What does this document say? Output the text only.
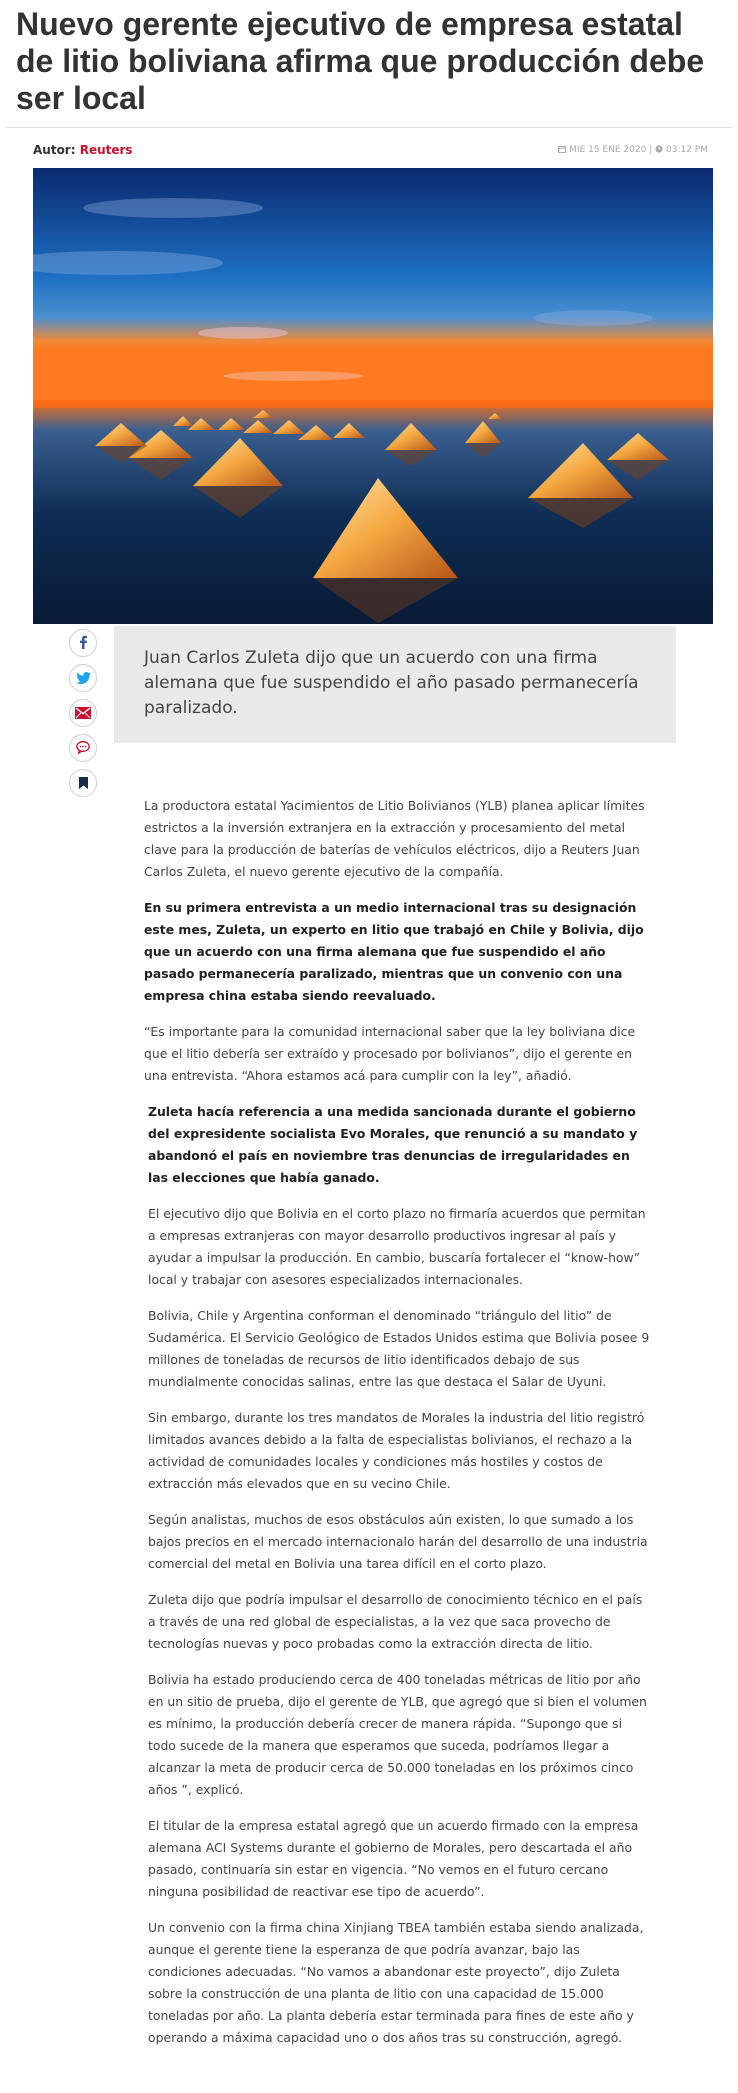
Nuevo gerente ejecutivo de empresa estatal de litio boliviana afirma que producción debe ser local
Autor: Reuters	MIE 15 ENE 2020 | 03:12 PM

Juan Carlos Zuleta dijo que un acuerdo con una firma alemana que fue suspendido el año pasado permanecería paralizado.

La productora estatal Yacimientos de Litio Bolivianos (YLB) planea aplicar límites estrictos a la inversión extranjera en la extracción y procesamiento del metal clave para la producción de baterías de vehículos eléctricos, dijo a Reuters Juan Carlos Zuleta, el nuevo gerente ejecutivo de la compañía.

En su primera entrevista a un medio internacional tras su designación este mes, Zuleta, un experto en litio que trabajó en Chile y Bolivia, dijo que un acuerdo con una firma alemana que fue suspendido el año pasado permanecería paralizado, mientras que un convenio con una empresa china estaba siendo reevaluado.

“Es importante para la comunidad internacional saber que la ley boliviana dice que el litio debería ser extraído y procesado por bolivianos”, dijo el gerente en una entrevista. “Ahora estamos acá para cumplir con la ley”, añadió.

Zuleta hacía referencia a una medida sancionada durante el gobierno del expresidente socialista Evo Morales, que renunció a su mandato y abandonó el país en noviembre tras denuncias de irregularidades en las elecciones que había ganado.

El ejecutivo dijo que Bolivia en el corto plazo no firmaría acuerdos que permitan a empresas extranjeras con mayor desarrollo productivos ingresar al país y ayudar a impulsar la producción. En cambio, buscaría fortalecer el “know-how” local y trabajar con asesores especializados internacionales.

Bolivia, Chile y Argentina conforman el denominado “triángulo del litio” de Sudamérica. El Servicio Geológico de Estados Unidos estima que Bolivia posee 9 millones de toneladas de recursos de litio identificados debajo de sus mundialmente conocidas salinas, entre las que destaca el Salar de Uyuni.

Sin embargo, durante los tres mandatos de Morales la industria del litio registró limitados avances debido a la falta de especialistas bolivianos, el rechazo a la actividad de comunidades locales y condiciones más hostiles y costos de extracción más elevados que en su vecino Chile.

Según analistas, muchos de esos obstáculos aún existen, lo que sumado a los bajos precios en el mercado internacionalo harán del desarrollo de una industria comercial del metal en Bolivia una tarea difícil en el corto plazo.

Zuleta dijo que podría impulsar el desarrollo de conocimiento técnico en el país a través de una red global de especialistas, a la vez que saca provecho de tecnologías nuevas y poco probadas como la extracción directa de litio.

Bolivia ha estado produciendo cerca de 400 toneladas métricas de litio por año en un sitio de prueba, dijo el gerente de YLB, que agregó que si bien el volumen es mínimo, la producción debería crecer de manera rápida. “Supongo que si todo sucede de la manera que esperamos que suceda, podríamos llegar a alcanzar la meta de producir cerca de 50.000 toneladas en los próximos cinco años ”, explicó.

El titular de la empresa estatal agregó que un acuerdo firmado con la empresa alemana ACI Systems durante el gobierno de Morales, pero descartada el año pasado, continuaría sin estar en vigencia. “No vemos en el futuro cercano ninguna posibilidad de reactivar ese tipo de acuerdo”.

Un convenio con la firma china Xinjiang TBEA también estaba siendo analizada, aunque el gerente tiene la esperanza de que podría avanzar, bajo las condiciones adecuadas. “No vamos a abandonar este proyecto”, dijo Zuleta sobre la construcción de una planta de litio con una capacidad de 15.000 toneladas por año. La planta debería estar terminada para fines de este año y operando a máxima capacidad uno o dos años tras su construcción, agregó.
